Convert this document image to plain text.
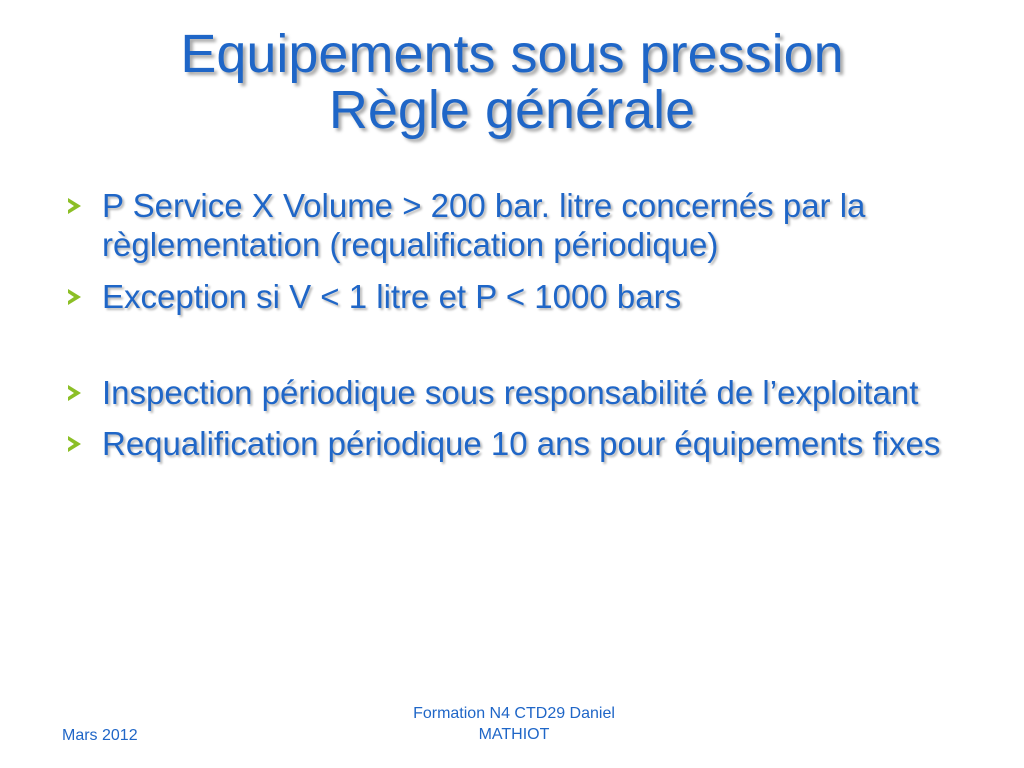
Equipements sous pression
Règle générale
P Service X Volume > 200 bar. litre concernés par la règlementation (requalification périodique)
Exception si V < 1 litre et P < 1000 bars
Inspection périodique sous responsabilité de l’exploitant
Requalification périodique 10 ans pour équipements fixes
Mars 2012
Formation N4 CTD29 Daniel
MATHIOT
